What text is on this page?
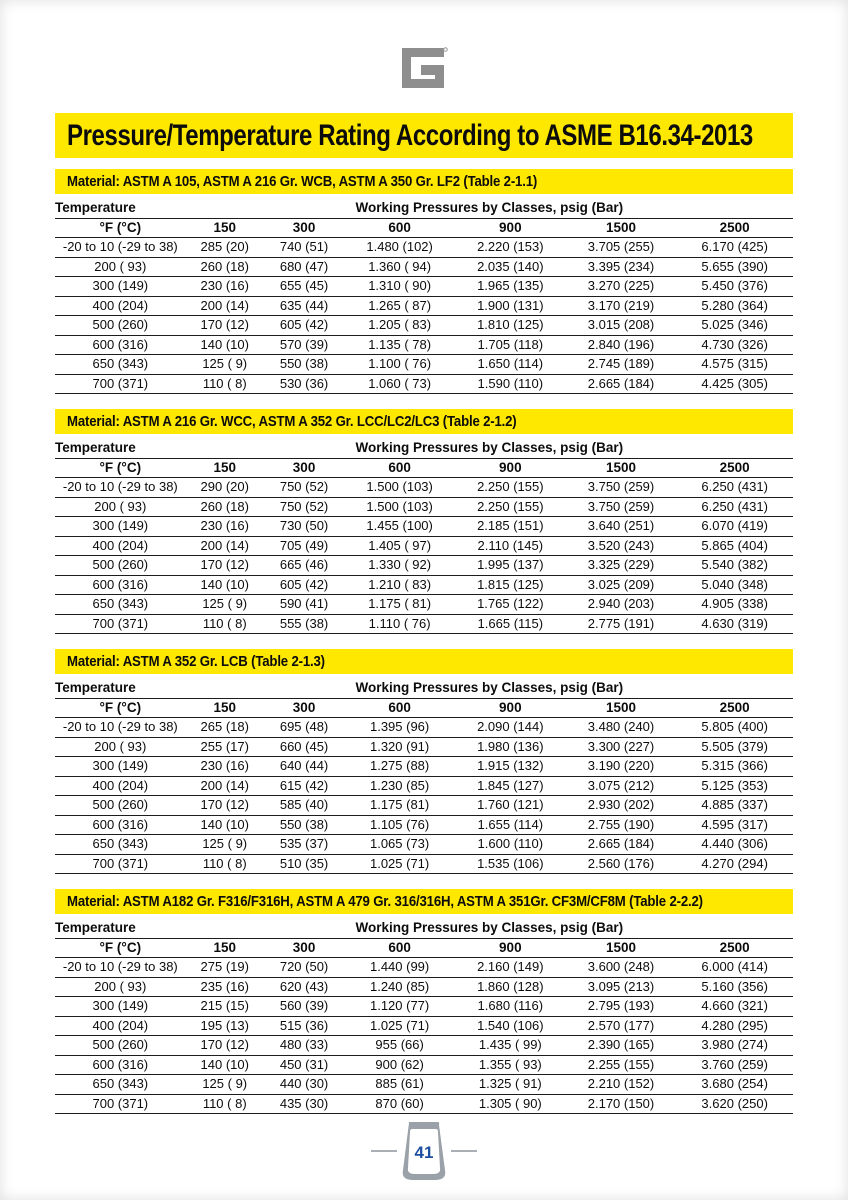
Pressure/Temperature Rating According to ASME B16.34-2013
Material: ASTM A 105, ASTM A 216 Gr. WCB, ASTM A 350 Gr. LF2 (Table 2-1.1)
Temperature	Working Pressures by Classes, psig (Bar)					
°F (°C)	150	300	600	900	1500	2500
-20 to 10 (-29 to 38)	285 (20)	740 (51)	1.480 (102)	2.220 (153)	3.705 (255)	6.170 (425)
200 ( 93)	260 (18)	680 (47)	1.360 ( 94)	2.035 (140)	3.395 (234)	5.655 (390)
300 (149)	230 (16)	655 (45)	1.310 ( 90)	1.965 (135)	3.270 (225)	5.450 (376)
400 (204)	200 (14)	635 (44)	1.265 ( 87)	1.900 (131)	3.170 (219)	5.280 (364)
500 (260)	170 (12)	605 (42)	1.205 ( 83)	1.810 (125)	3.015 (208)	5.025 (346)
600 (316)	140 (10)	570 (39)	1.135 ( 78)	1.705 (118)	2.840 (196)	4.730 (326)
650 (343)	125 ( 9)	550 (38)	1.100 ( 76)	1.650 (114)	2.745 (189)	4.575 (315)
700 (371)	110 ( 8)	530 (36)	1.060 ( 73)	1.590 (110)	2.665 (184)	4.425 (305)
Material: ASTM A 216 Gr. WCC, ASTM A 352 Gr. LCC/LC2/LC3 (Table 2-1.2)
Temperature	Working Pressures by Classes, psig (Bar)					
°F (°C)	150	300	600	900	1500	2500
-20 to 10 (-29 to 38)	290 (20)	750 (52)	1.500 (103)	2.250 (155)	3.750 (259)	6.250 (431)
200 ( 93)	260 (18)	750 (52)	1.500 (103)	2.250 (155)	3.750 (259)	6.250 (431)
300 (149)	230 (16)	730 (50)	1.455 (100)	2.185 (151)	3.640 (251)	6.070 (419)
400 (204)	200 (14)	705 (49)	1.405 ( 97)	2.110 (145)	3.520 (243)	5.865 (404)
500 (260)	170 (12)	665 (46)	1.330 ( 92)	1.995 (137)	3.325 (229)	5.540 (382)
600 (316)	140 (10)	605 (42)	1.210 ( 83)	1.815 (125)	3.025 (209)	5.040 (348)
650 (343)	125 ( 9)	590 (41)	1.175 ( 81)	1.765 (122)	2.940 (203)	4.905 (338)
700 (371)	110 ( 8)	555 (38)	1.110 ( 76)	1.665 (115)	2.775 (191)	4.630 (319)
Material: ASTM A 352 Gr. LCB (Table 2-1.3)
Temperature	Working Pressures by Classes, psig (Bar)					
°F (°C)	150	300	600	900	1500	2500
-20 to 10 (-29 to 38)	265 (18)	695 (48)	1.395 (96)	2.090 (144)	3.480 (240)	5.805 (400)
200 ( 93)	255 (17)	660 (45)	1.320 (91)	1.980 (136)	3.300 (227)	5.505 (379)
300 (149)	230 (16)	640 (44)	1.275 (88)	1.915 (132)	3.190 (220)	5.315 (366)
400 (204)	200 (14)	615 (42)	1.230 (85)	1.845 (127)	3.075 (212)	5.125 (353)
500 (260)	170 (12)	585 (40)	1.175 (81)	1.760 (121)	2.930 (202)	4.885 (337)
600 (316)	140 (10)	550 (38)	1.105 (76)	1.655 (114)	2.755 (190)	4.595 (317)
650 (343)	125 ( 9)	535 (37)	1.065 (73)	1.600 (110)	2.665 (184)	4.440 (306)
700 (371)	110 ( 8)	510 (35)	1.025 (71)	1.535 (106)	2.560 (176)	4.270 (294)
Material: ASTM A182 Gr. F316/F316H, ASTM A 479 Gr. 316/316H, ASTM A 351Gr. CF3M/CF8M (Table 2-2.2)
Temperature	Working Pressures by Classes, psig (Bar)					
°F (°C)	150	300	600	900	1500	2500
-20 to 10 (-29 to 38)	275 (19)	720 (50)	1.440 (99)	2.160 (149)	3.600 (248)	6.000 (414)
200 ( 93)	235 (16)	620 (43)	1.240 (85)	1.860 (128)	3.095 (213)	5.160 (356)
300 (149)	215 (15)	560 (39)	1.120 (77)	1.680 (116)	2.795 (193)	4.660 (321)
400 (204)	195 (13)	515 (36)	1.025 (71)	1.540 (106)	2.570 (177)	4.280 (295)
500 (260)	170 (12)	480 (33)	955 (66)	1.435 ( 99)	2.390 (165)	3.980 (274)
600 (316)	140 (10)	450 (31)	900 (62)	1.355 ( 93)	2.255 (155)	3.760 (259)
650 (343)	125 ( 9)	440 (30)	885 (61)	1.325 ( 91)	2.210 (152)	3.680 (254)
700 (371)	110 ( 8)	435 (30)	870 (60)	1.305 ( 90)	2.170 (150)	3.620 (250)
41
